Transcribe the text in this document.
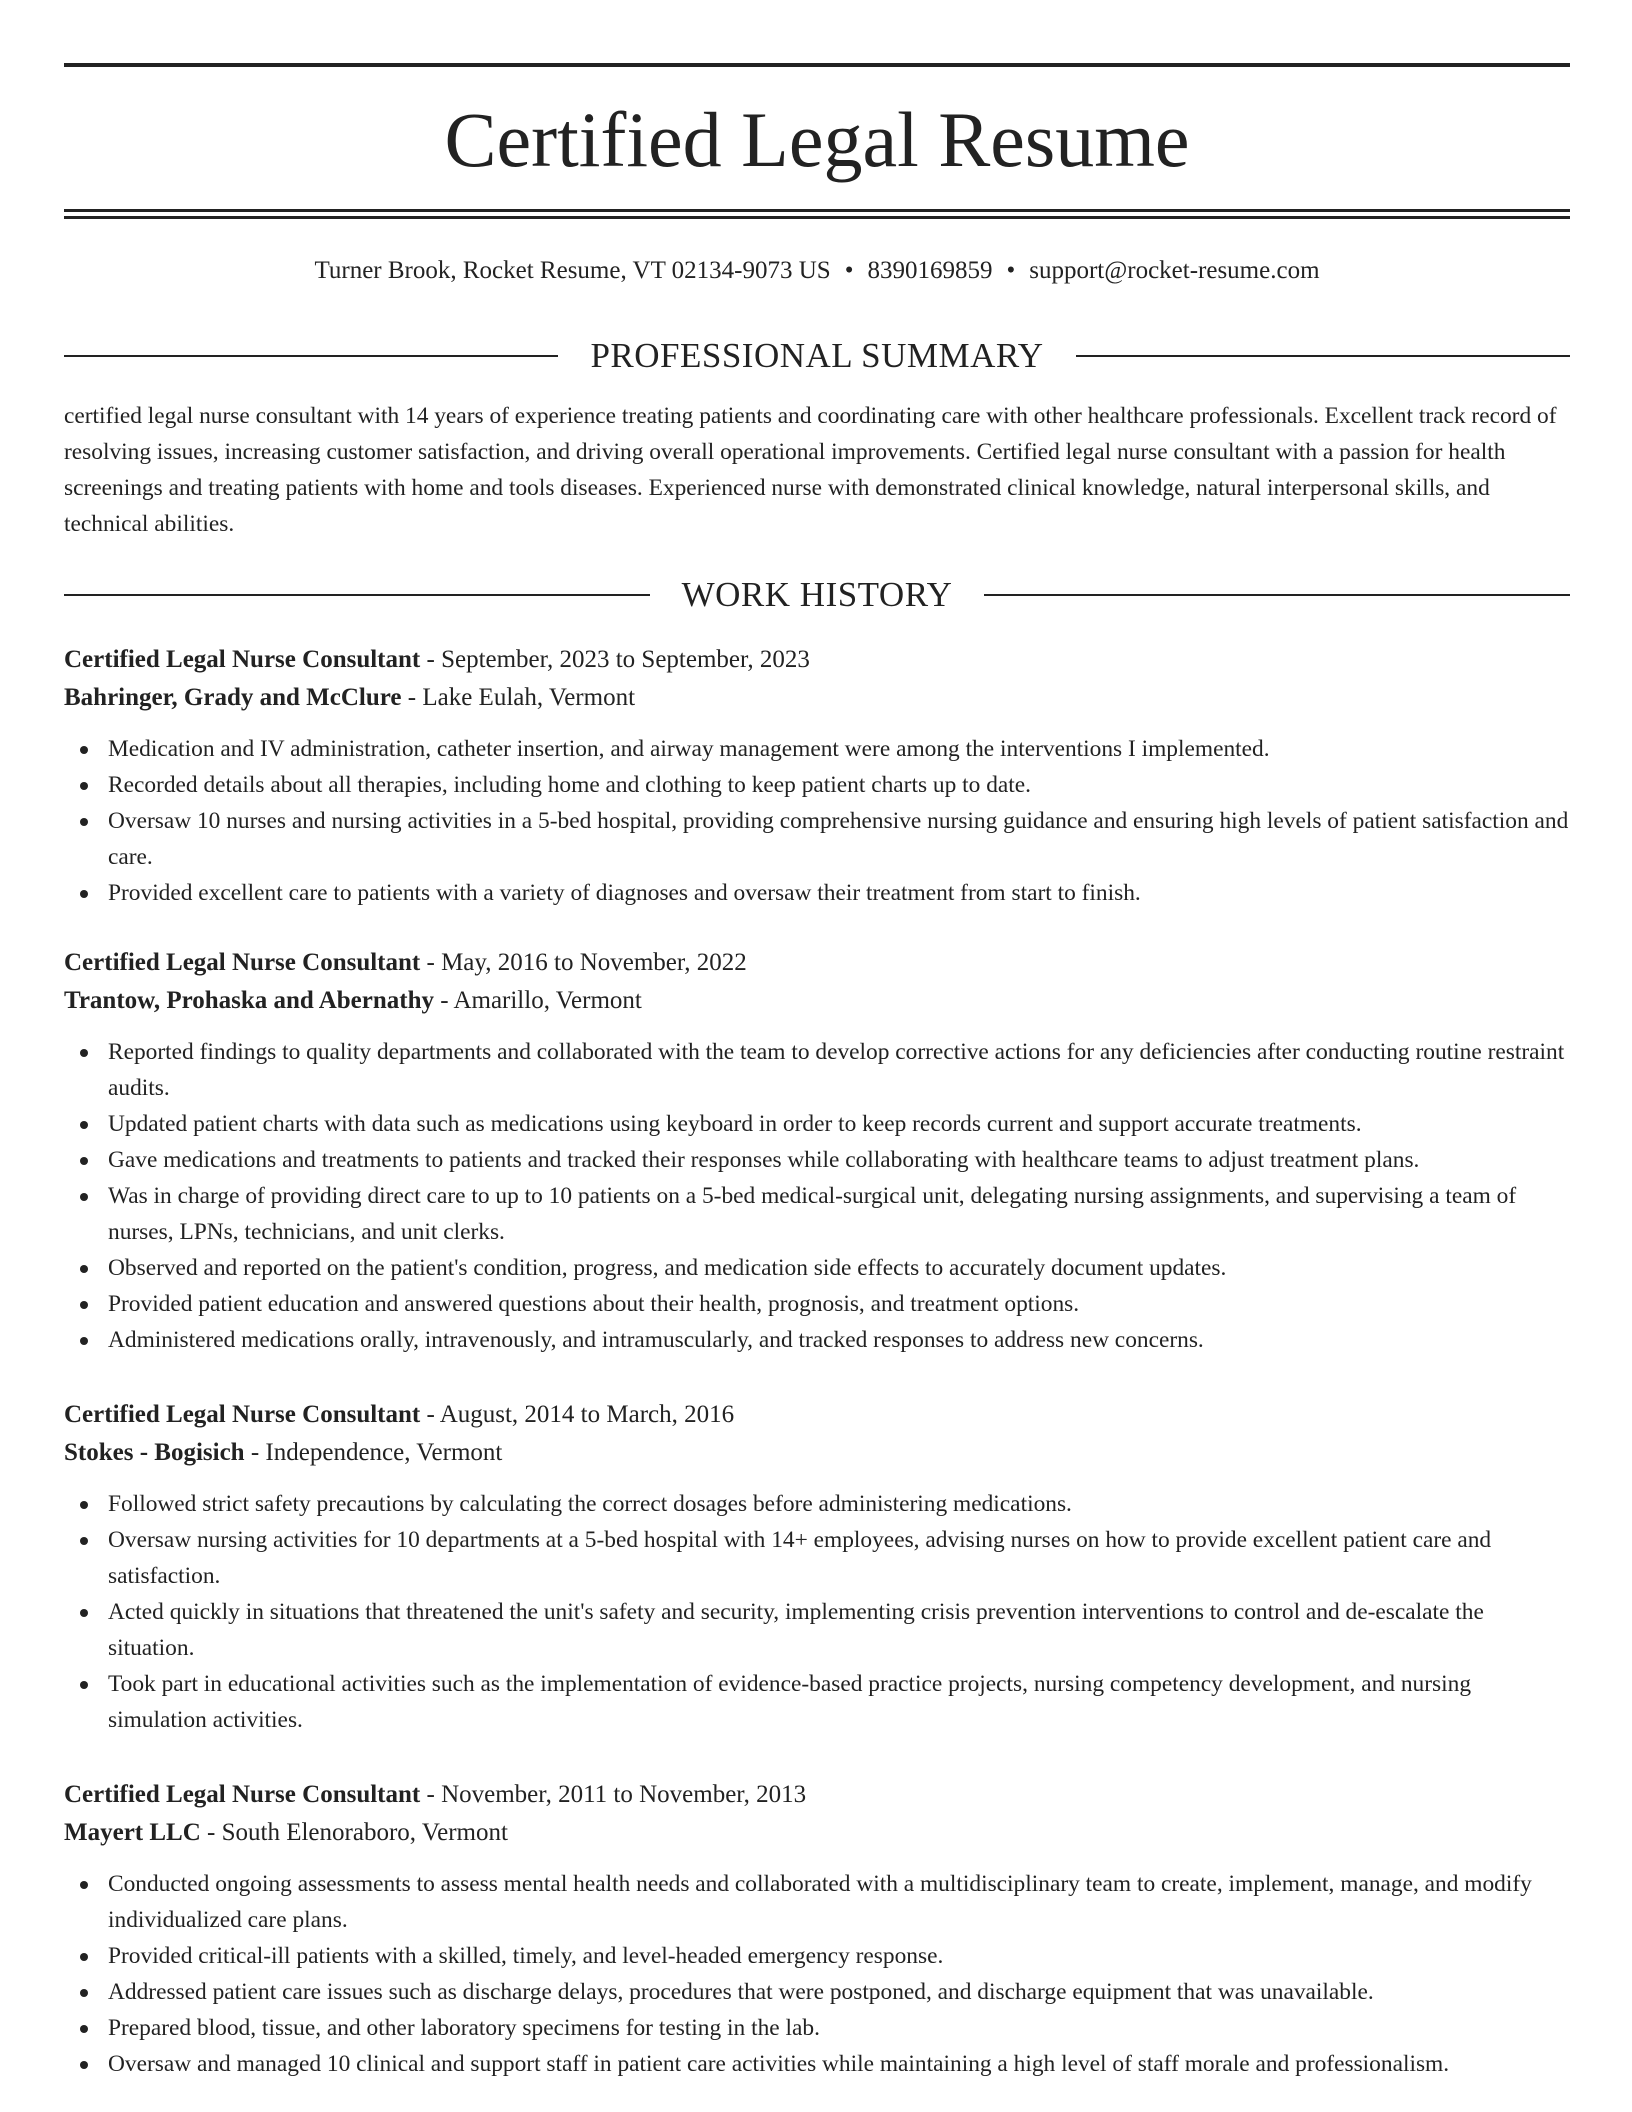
Certified Legal Resume
Turner Brook, Rocket Resume, VT 02134-9073 US • 8390169859 • support@rocket-resume.com
PROFESSIONAL SUMMARY

certified legal nurse consultant with 14 years of experience treating patients and coordinating care with other healthcare professionals. Excellent track record of resolving issues, increasing customer satisfaction, and driving overall operational improvements. Certified legal nurse consultant with a passion for health screenings and treating patients with home and tools diseases. Experienced nurse with demonstrated clinical knowledge, natural interpersonal skills, and technical abilities.

WORK HISTORY
Certified Legal Nurse Consultant - September, 2023 to September, 2023
Bahringer, Grady and McClure - Lake Eulah, Vermont
Medication and IV administration, catheter insertion, and airway management were among the interventions I implemented.
Recorded details about all therapies, including home and clothing to keep patient charts up to date.
Oversaw 10 nurses and nursing activities in a 5-bed hospital, providing comprehensive nursing guidance and ensuring high levels of patient satisfaction and care.
Provided excellent care to patients with a variety of diagnoses and oversaw their treatment from start to finish.
Certified Legal Nurse Consultant - May, 2016 to November, 2022
Trantow, Prohaska and Abernathy - Amarillo, Vermont
Reported findings to quality departments and collaborated with the team to develop corrective actions for any deficiencies after conducting routine restraint audits.
Updated patient charts with data such as medications using keyboard in order to keep records current and support accurate treatments.
Gave medications and treatments to patients and tracked their responses while collaborating with healthcare teams to adjust treatment plans.
Was in charge of providing direct care to up to 10 patients on a 5-bed medical-surgical unit, delegating nursing assignments, and supervising a team of nurses, LPNs, technicians, and unit clerks.
Observed and reported on the patient's condition, progress, and medication side effects to accurately document updates.
Provided patient education and answered questions about their health, prognosis, and treatment options.
Administered medications orally, intravenously, and intramuscularly, and tracked responses to address new concerns.
Certified Legal Nurse Consultant - August, 2014 to March, 2016
Stokes - Bogisich - Independence, Vermont
Followed strict safety precautions by calculating the correct dosages before administering medications.
Oversaw nursing activities for 10 departments at a 5-bed hospital with 14+ employees, advising nurses on how to provide excellent patient care and satisfaction.
Acted quickly in situations that threatened the unit's safety and security, implementing crisis prevention interventions to control and de-escalate the situation.
Took part in educational activities such as the implementation of evidence-based practice projects, nursing competency development, and nursing simulation activities.
Certified Legal Nurse Consultant - November, 2011 to November, 2013
Mayert LLC - South Elenoraboro, Vermont
Conducted ongoing assessments to assess mental health needs and collaborated with a multidisciplinary team to create, implement, manage, and modify individualized care plans.
Provided critical-ill patients with a skilled, timely, and level-headed emergency response.
Addressed patient care issues such as discharge delays, procedures that were postponed, and discharge equipment that was unavailable.
Prepared blood, tissue, and other laboratory specimens for testing in the lab.
Oversaw and managed 10 clinical and support staff in patient care activities while maintaining a high level of staff morale and professionalism.
